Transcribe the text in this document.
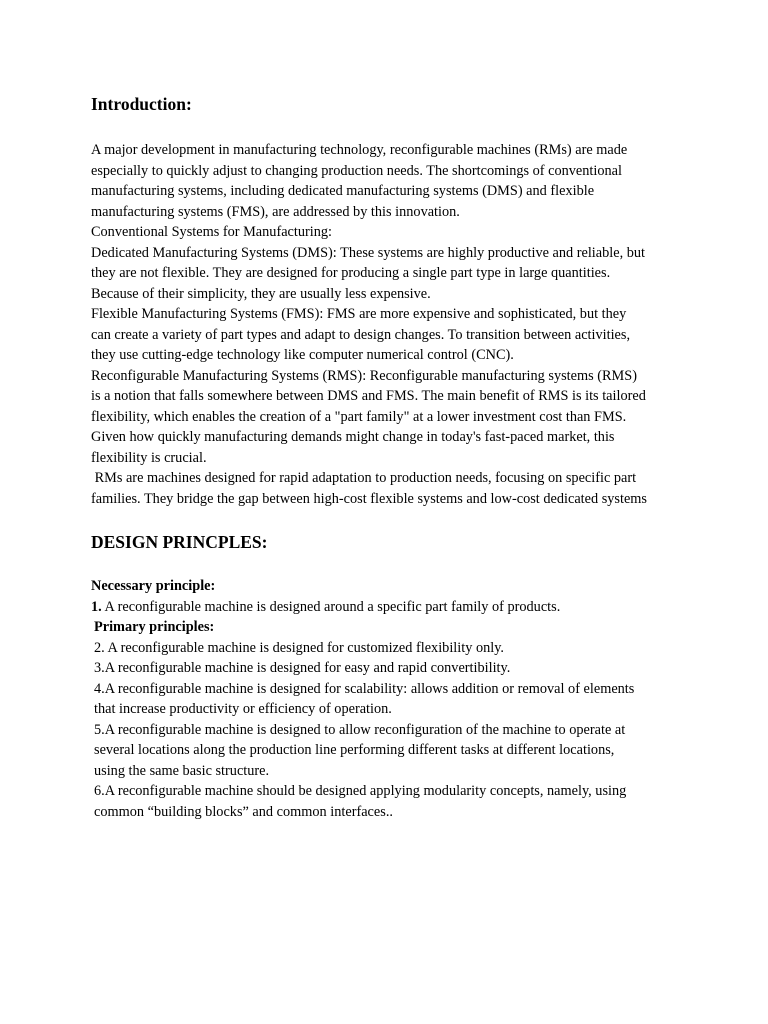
Introduction:

A major development in manufacturing technology, reconfigurable machines (RMs) are made

especially to quickly adjust to changing production needs. The shortcomings of conventional

manufacturing systems, including dedicated manufacturing systems (DMS) and flexible

manufacturing systems (FMS), are addressed by this innovation.

Conventional Systems for Manufacturing:

Dedicated Manufacturing Systems (DMS): These systems are highly productive and reliable, but

they are not flexible. They are designed for producing a single part type in large quantities.

Because of their simplicity, they are usually less expensive.

Flexible Manufacturing Systems (FMS): FMS are more expensive and sophisticated, but they

can create a variety of part types and adapt to design changes. To transition between activities,

they use cutting-edge technology like computer numerical control (CNC).

Reconfigurable Manufacturing Systems (RMS): Reconfigurable manufacturing systems (RMS)

is a notion that falls somewhere between DMS and FMS. The main benefit of RMS is its tailored

flexibility, which enables the creation of a "part family" at a lower investment cost than FMS.

Given how quickly manufacturing demands might change in today's fast-paced market, this

flexibility is crucial.

RMs are machines designed for rapid adaptation to production needs, focusing on specific part

families. They bridge the gap between high-cost flexible systems and low-cost dedicated systems

DESIGN PRINCPLES:

Necessary principle:

1. A reconfigurable machine is designed around a specific part family of products.

Primary principles:

2. A reconfigurable machine is designed for customized flexibility only.

3.A reconfigurable machine is designed for easy and rapid convertibility.

4.A reconfigurable machine is designed for scalability: allows addition or removal of elements

that increase productivity or efficiency of operation.

5.A reconfigurable machine is designed to allow reconfiguration of the machine to operate at

several locations along the production line performing different tasks at different locations,

using the same basic structure.

6.A reconfigurable machine should be designed applying modularity concepts, namely, using

common “building blocks” and common interfaces..
